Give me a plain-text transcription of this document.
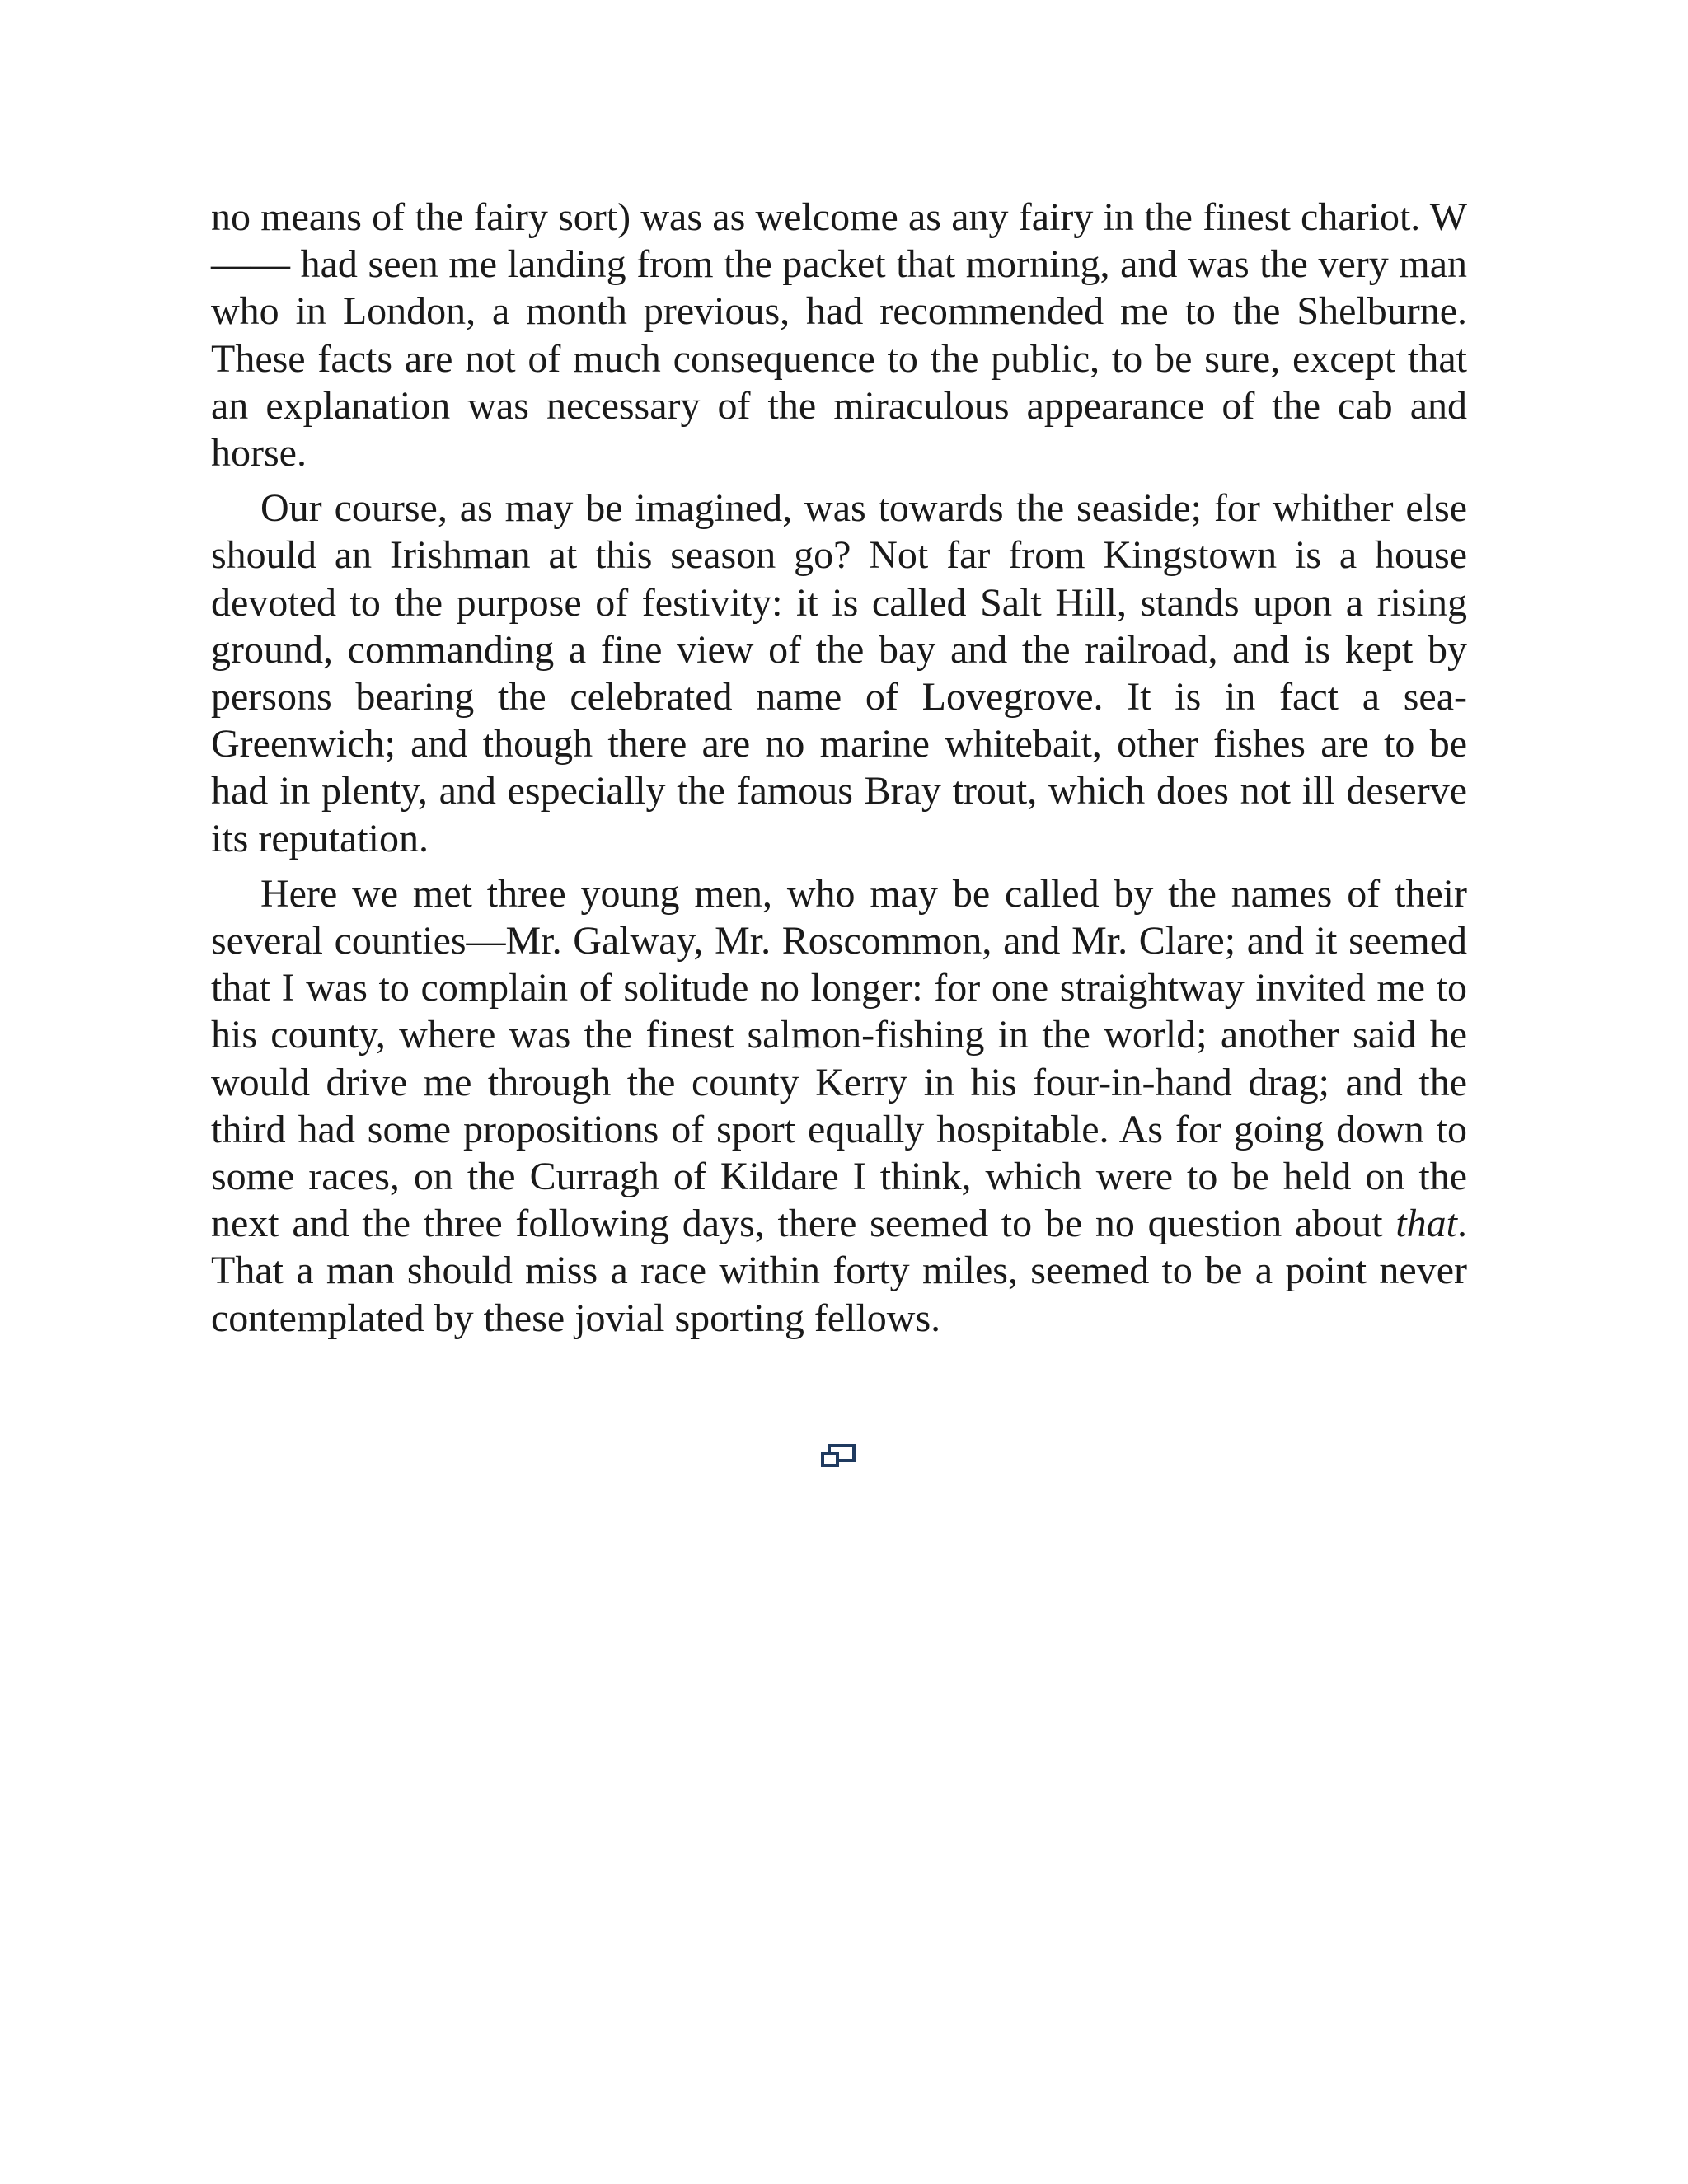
no means of the fairy sort) was as welcome as any fairy in the finest chariot. W—— had seen me landing from the packet that morning, and was the very man who in London, a month previous, had recommended me to the Shelburne. These facts are not of much consequence to the public, to be sure, except that an explanation was necessary of the miraculous appearance of the cab and horse.

Our course, as may be imagined, was towards the seaside; for whither else should an Irishman at this season go? Not far from Kingstown is a house devoted to the purpose of festivity: it is called Salt Hill, stands upon a rising ground, commanding a fine view of the bay and the railroad, and is kept by persons bearing the celebrated name of Lovegrove. It is in fact a sea-Greenwich; and though there are no marine whitebait, other fishes are to be had in plenty, and especially the famous Bray trout, which does not ill deserve its reputation.

Here we met three young men, who may be called by the names of their several counties—Mr. Galway, Mr. Roscommon, and Mr. Clare; and it seemed that I was to complain of solitude no longer: for one straightway invited me to his county, where was the finest salmon-fishing in the world; another said he would drive me through the county Kerry in his four-in-hand drag; and the third had some propositions of sport equally hospitable. As for going down to some races, on the Curragh of Kildare I think, which were to be held on the next and the three following days, there seemed to be no question about that. That a man should miss a race within forty miles, seemed to be a point never contemplated by these jovial sporting fellows.
